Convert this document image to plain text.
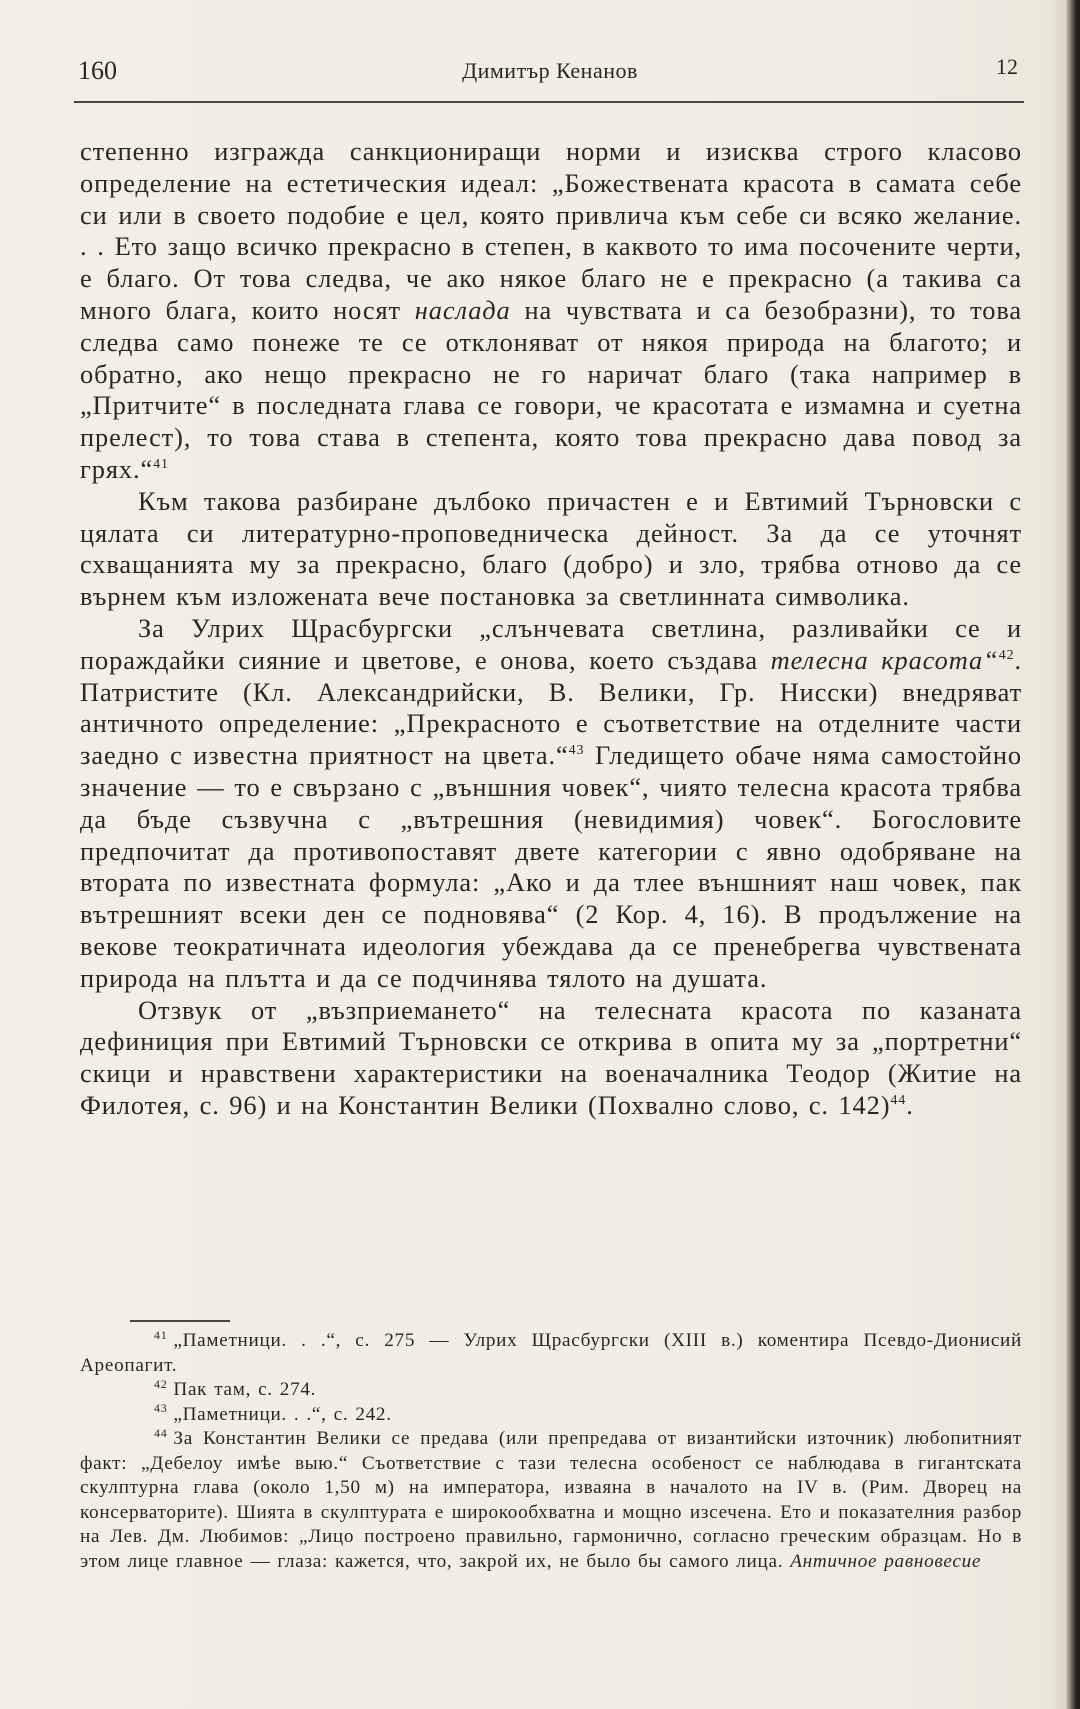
160	Димитър Кенанов	12

степенно изгражда санкциониращи норми и изисква строго класово определение на естетическия идеал: „Божествената красота в самата себе си или в своето подобие е цел, която привлича към себе си всяко желание. . . Ето защо всичко прекрасно в степен, в каквото то има посочените черти, е благо. От това следва, че ако някое благо не е прекрасно (а такива са много блага, които носят наслада на чувствата и са безобразни), то това следва само понеже те се отклоняват от някоя природа на благото; и обратно, ако нещо прекрасно не го наричат благо (така например в „Притчите“ в последната глава се говори, че красотата е измамна и суетна прелест), то това става в степента, която това прекрасно дава повод за грях.“$^{41}$

Към такова разбиране дълбоко причастен е и Евтимий Търновски с цялата си литературно-проповедническа дейност. За да се уточнят схващанията му за прекрасно, благо (добро) и зло, трябва отново да се върнем към изложената вече постановка за светлинната символика.

За Улрих Щрасбургски „слънчевата светлина, разливайки се и пораждайки сияние и цветове, е онова, което създава телесна красота“$^{42}$. Патристите (Кл. Александрийски, В. Велики, Гр. Нисски) внедряват античното определение: „Прекрасното е съответствие на отделните части заедно с известна приятност на цвета.“$^{43}$ Гледището обаче няма самостойно значение — то е свързано с „външния човек“, чиято телесна красота трябва да бъде съзвучна с „вътрешния (невидимия) човек“. Богословите предпочитат да противопоставят двете категории с явно одобряване на втората по известната формула: „Ако и да тлее външният наш човек, пак вътрешният всеки ден се подновява“ (2 Кор. 4, 16). В продължение на векове теократичната идеология убеждава да се пренебрегва чувствената природа на плътта и да се подчинява тялото на душата.

Отзвук от „възприемането“ на телесната красота по казаната дефиниция при Евтимий Търновски се открива в опита му за „портретни“ скици и нравствени характеристики на военачалника Теодор (Житие на Филотея, с. 96) и на Константин Велики (Похвално слово, с. 142)$^{44}$.

$^{41}$ „Паметници. . .“, с. 275 — Улрих Щрасбургски (XIII в.) коментира Псевдо-Дионисий Ареопагит.

$^{42}$ Пак там, с. 274.

$^{43}$ „Паметници. . .“, с. 242.

$^{44}$ За Константин Велики се предава (или препредава от византийски източник) любопитният факт: „Дебелоу имѣе выю.“ Съответствие с тази телесна особеност се наблюдава в гигантската скулптурна глава (около 1,50 м) на императора, изваяна в началото на IV в. (Рим. Дворец на консерваторите). Шията в скулптурата е широкообхватна и мощно изсечена. Ето и показателния разбор на Лев. Дм. Любимов: „Лицо построено правильно, гармонично, согласно греческим образцам. Но в этом лице главное — глаза: кажется, что, закрой их, не было бы самого лица. Античное равновесие
